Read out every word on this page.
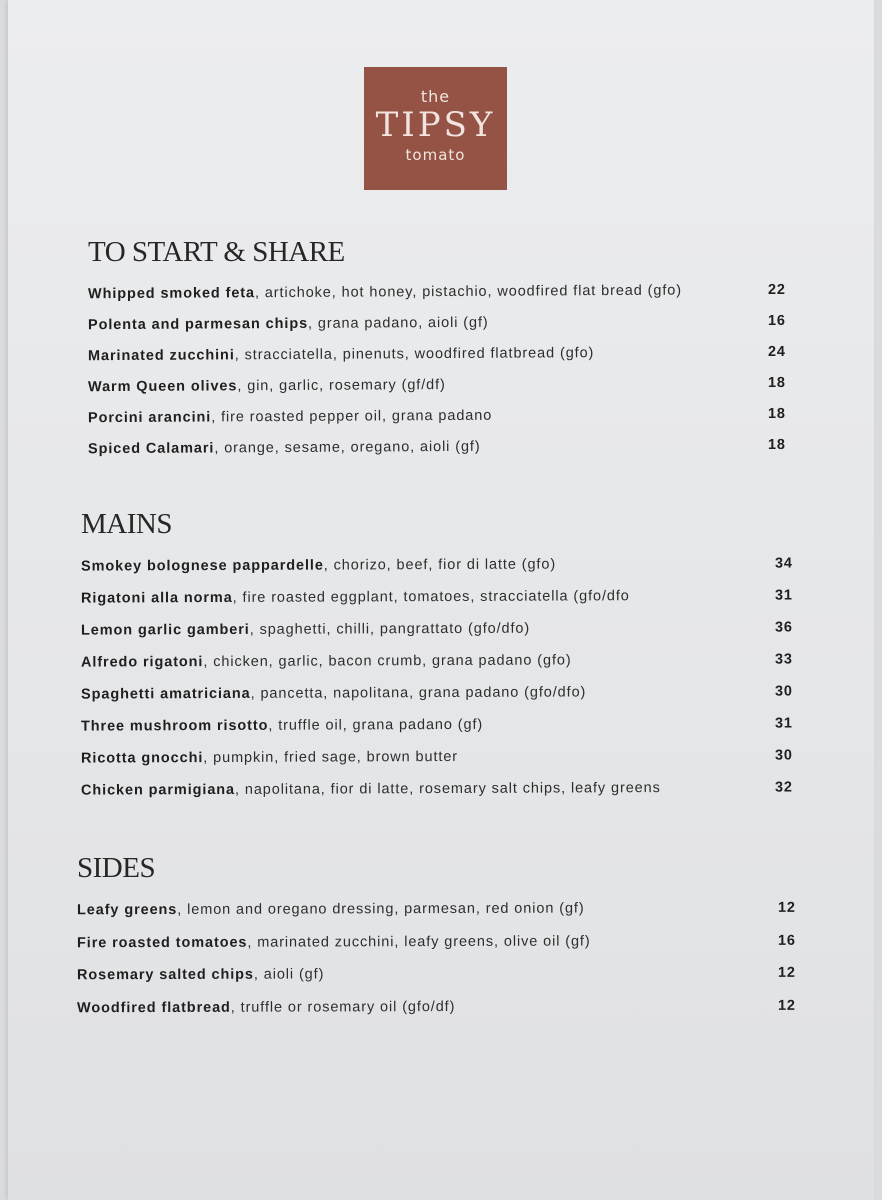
the
TIPSY
tomato
TO START & SHARE
Whipped smoked feta, artichoke, hot honey, pistachio, woodfired flat bread (gfo)	22
Polenta and parmesan chips, grana padano, aioli (gf)	16
Marinated zucchini, stracciatella, pinenuts, woodfired flatbread (gfo)	24
Warm Queen olives, gin, garlic, rosemary (gf/df)	18
Porcini arancini, fire roasted pepper oil, grana padano	18
Spiced Calamari, orange, sesame, oregano, aioli (gf)	18
MAINS
Smokey bolognese pappardelle, chorizo, beef, fior di latte (gfo)	34
Rigatoni alla norma, fire roasted eggplant, tomatoes, stracciatella (gfo/dfo	31
Lemon garlic gamberi, spaghetti, chilli, pangrattato (gfo/dfo)	36
Alfredo rigatoni, chicken, garlic, bacon crumb, grana padano (gfo)	33
Spaghetti amatriciana, pancetta, napolitana, grana padano (gfo/dfo)	30
Three mushroom risotto, truffle oil, grana padano (gf)	31
Ricotta gnocchi, pumpkin, fried sage, brown butter	30
Chicken parmigiana, napolitana, fior di latte, rosemary salt chips, leafy greens	32
SIDES
Leafy greens, lemon and oregano dressing, parmesan, red onion (gf)	12
Fire roasted tomatoes, marinated zucchini, leafy greens, olive oil (gf)	16
Rosemary salted chips, aioli (gf)	12
Woodfired flatbread, truffle or rosemary oil (gfo/df)	12
